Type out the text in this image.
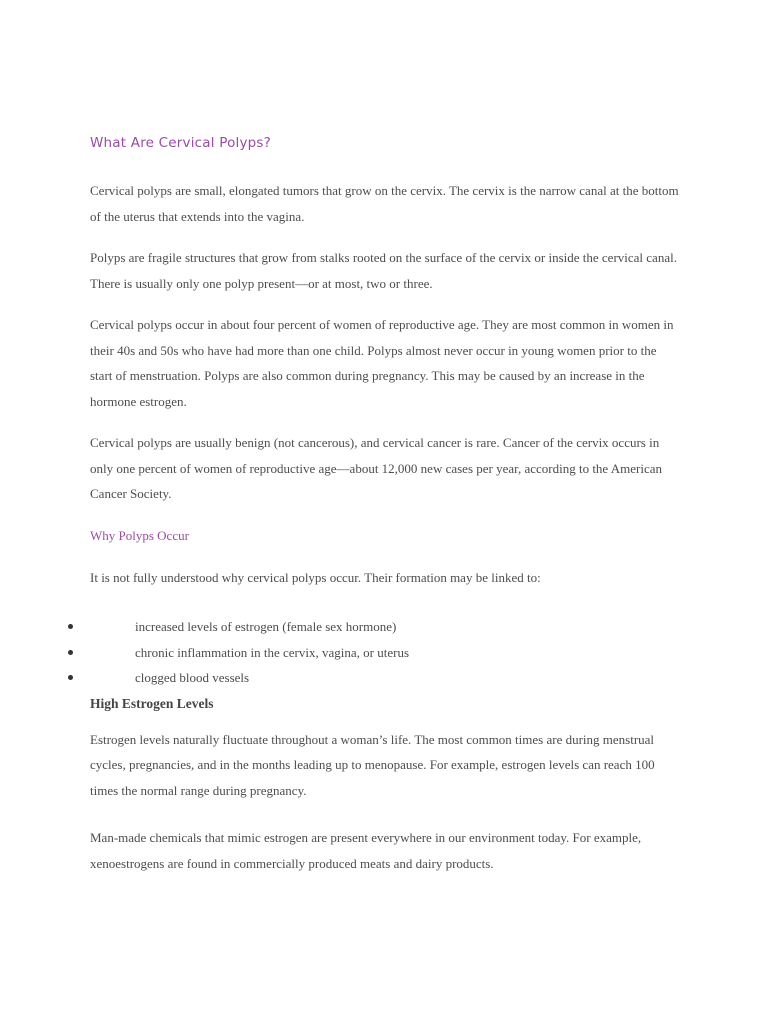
What Are Cervical Polyps?

Cervical polyps are small, elongated tumors that grow on the cervix. The cervix is the narrow canal at the bottom of the uterus that extends into the vagina.

Polyps are fragile structures that grow from stalks rooted on the surface of the cervix or inside the cervical canal. There is usually only one polyp present—or at most, two or three.

Cervical polyps occur in about four percent of women of reproductive age. They are most common in women in their 40s and 50s who have had more than one child. Polyps almost never occur in young women prior to the start of menstruation. Polyps are also common during pregnancy. This may be caused by an increase in the hormone estrogen.

Cervical polyps are usually benign (not cancerous), and cervical cancer is rare. Cancer of the cervix occurs in only one percent of women of reproductive age—about 12,000 new cases per year, according to the American Cancer Society.

Why Polyps Occur

It is not fully understood why cervical polyps occur. Their formation may be linked to:

increased levels of estrogen (female sex hormone)
chronic inflammation in the cervix, vagina, or uterus
clogged blood vessels
High Estrogen Levels

Estrogen levels naturally fluctuate throughout a woman’s life. The most common times are during menstrual cycles, pregnancies, and in the months leading up to menopause. For example, estrogen levels can reach 100 times the normal range during pregnancy.

Man-made chemicals that mimic estrogen are present everywhere in our environment today. For example, xenoestrogens are found in commercially produced meats and dairy products.
